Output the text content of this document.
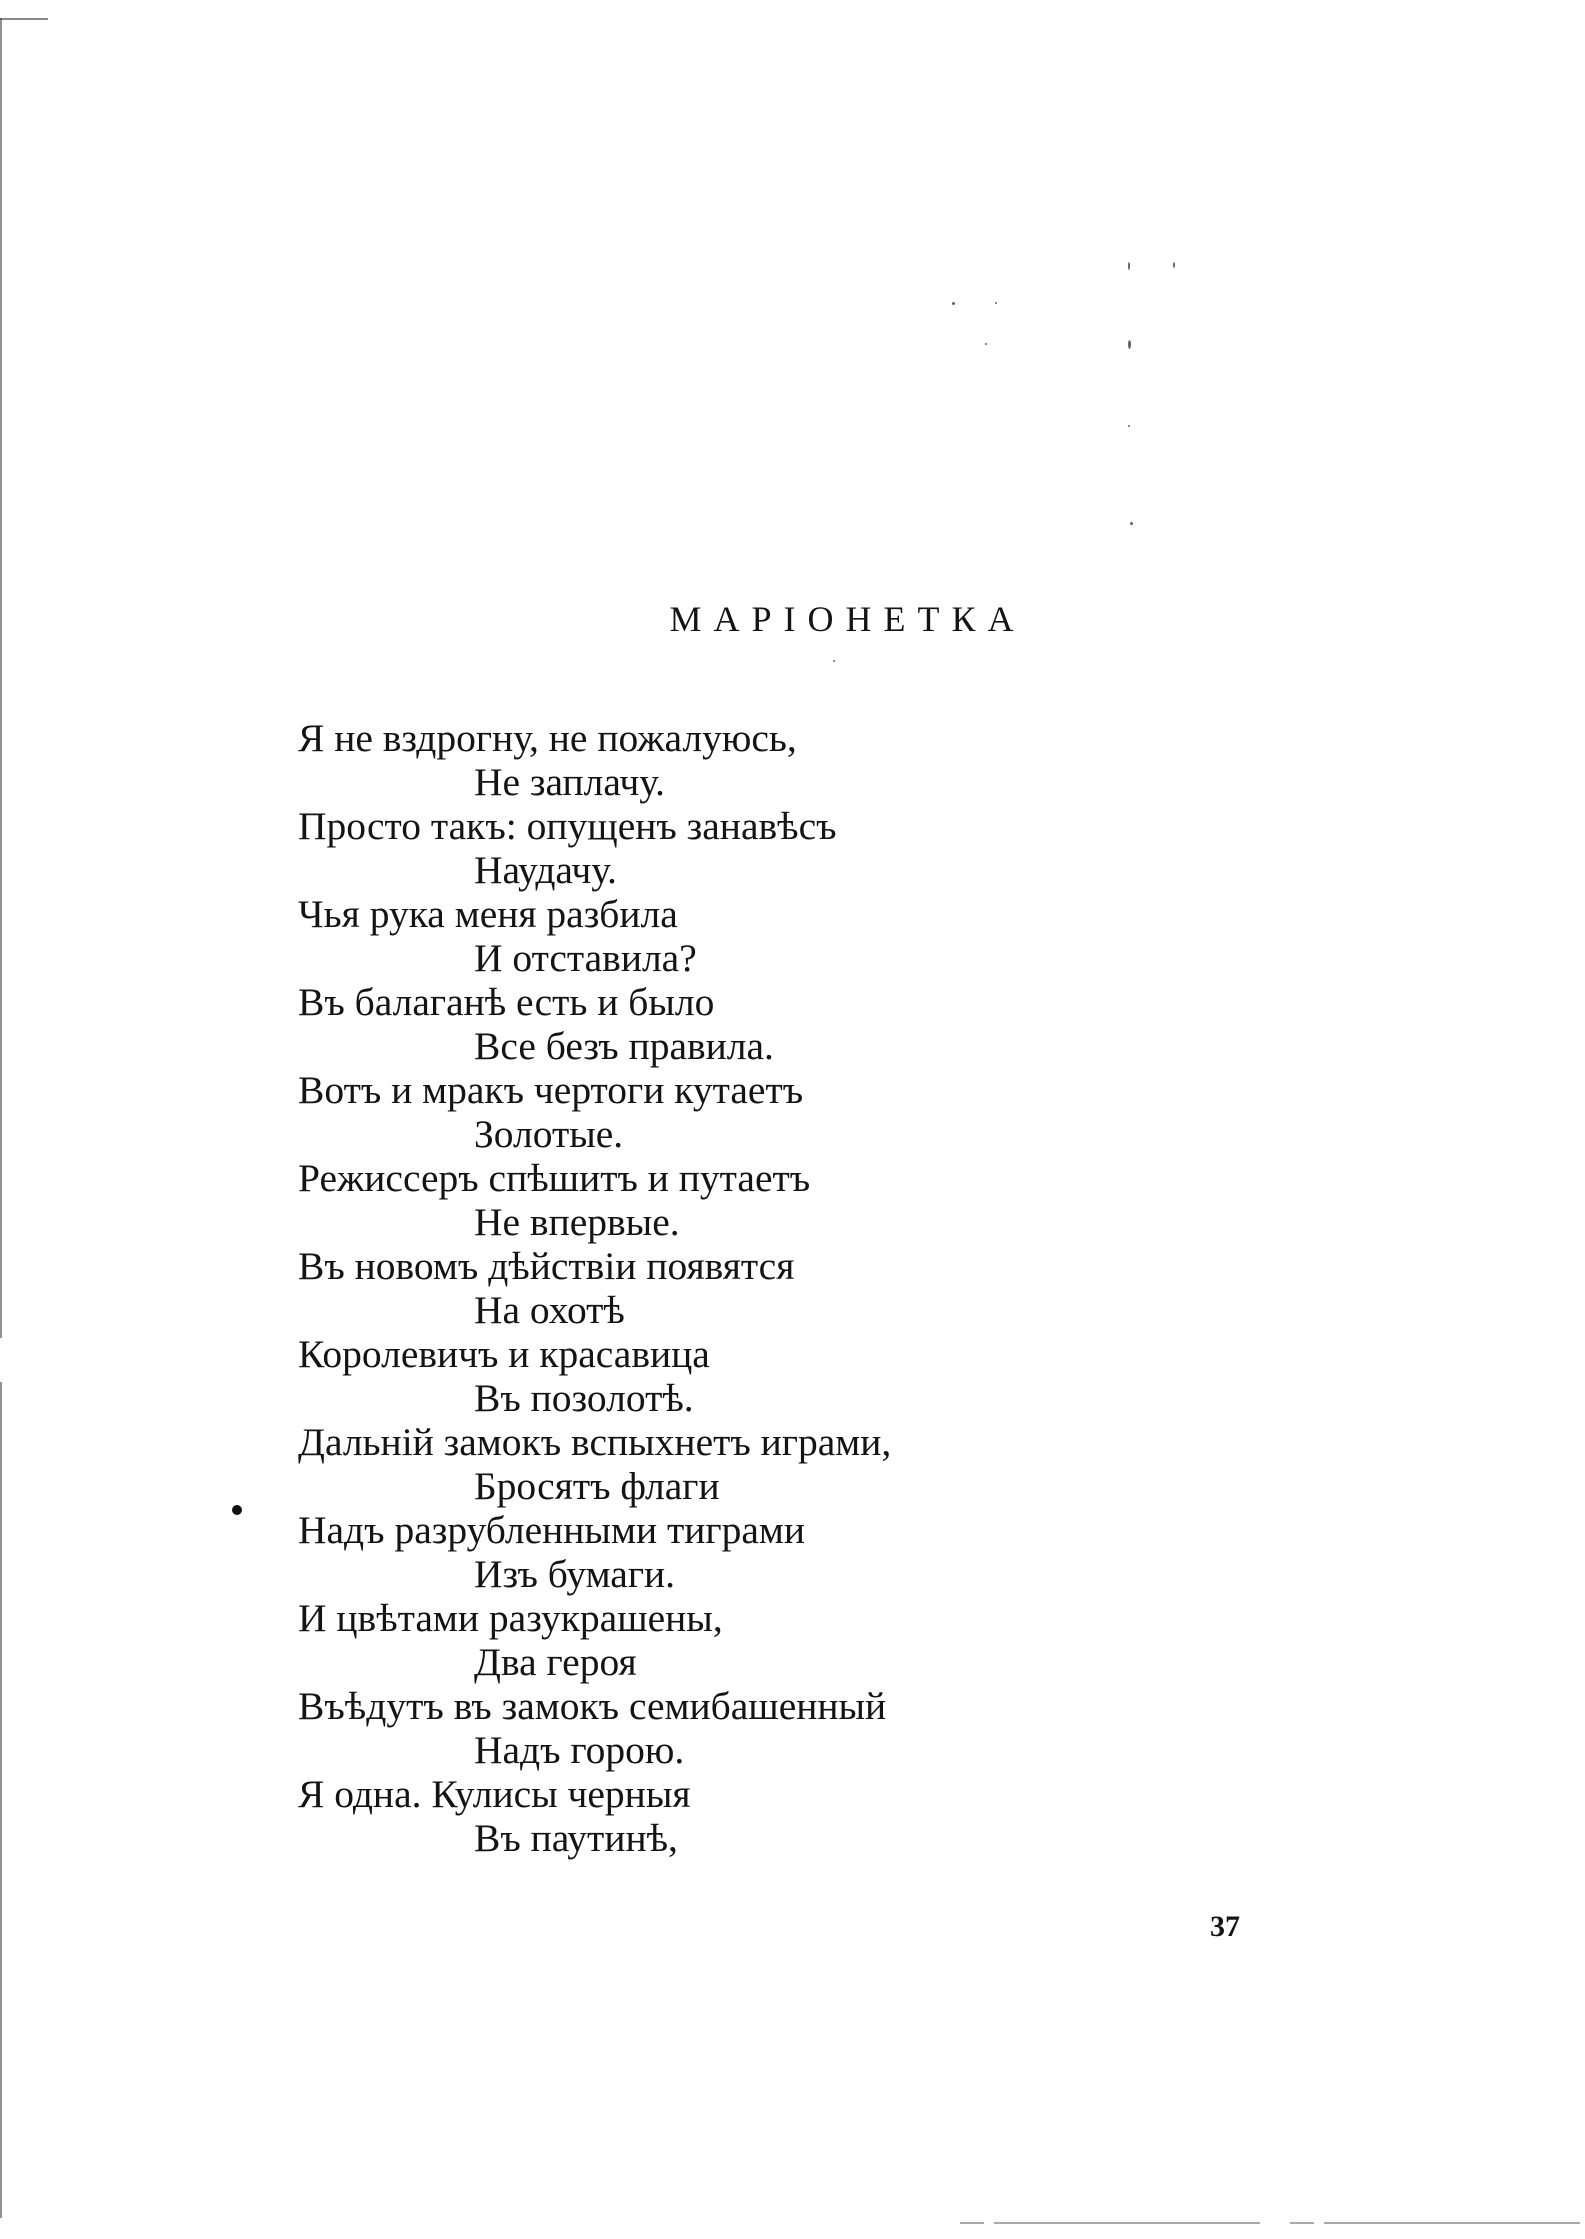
МАРІОНЕТКА
Я не вздрогну, не пожалуюсь,
Не заплачу.
Просто такъ: опущенъ занавѣсъ
Наудачу.
Чья рука меня разбила
И отставила?
Въ балаганѣ есть и было
Все безъ правила.
Вотъ и мракъ чертоги кутаетъ
Золотые.
Режиссеръ спѣшитъ и путаетъ
Не впервые.
Въ новомъ дѣйствіи появятся
На охотѣ
Королевичъ и красавица
Въ позолотѣ.
Дальній замокъ вспыхнетъ играми,
Бросятъ флаги
Надъ разрубленными тиграми
Изъ бумаги.
И цвѣтами разукрашены,
Два героя
Въѣдутъ въ замокъ семибашенный
Надъ горою.
Я одна. Кулисы черныя
Въ паутинѣ,
37
